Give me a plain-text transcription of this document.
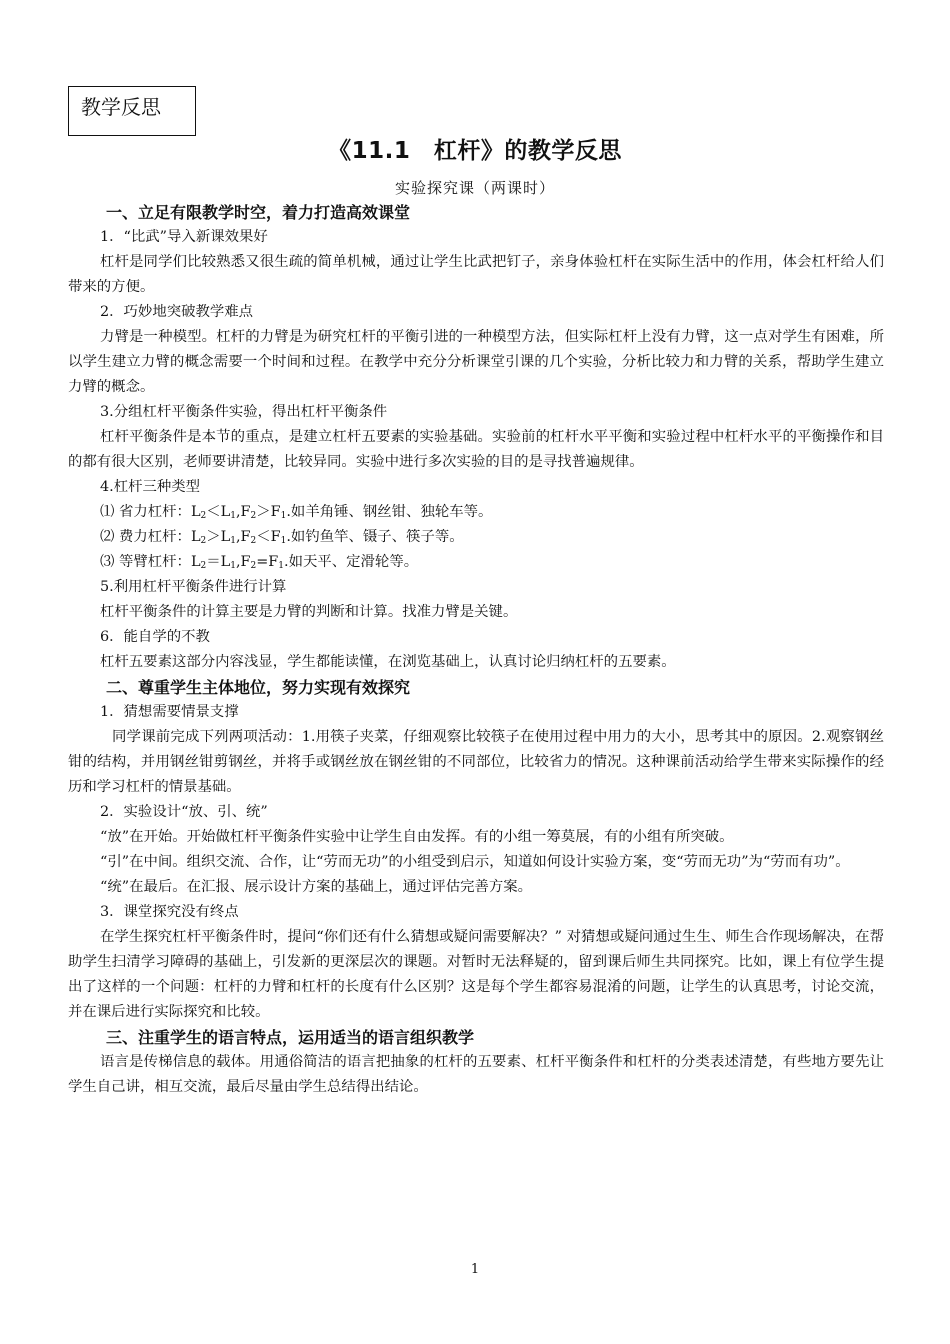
教学反思
《11.1　杠杆》的教学反思
实验探究课（两课时）

一、立足有限教学时空，着力打造高效课堂

1．“比武”导入新课效果好

杠杆是同学们比较熟悉又很生疏的简单机械，通过让学生比武把钉子，亲身体验杠杆在实际生活中的作用，体会杠杆给人们带来的方便。

2．巧妙地突破教学难点

力臂是一种模型。杠杆的力臂是为研究杠杆的平衡引进的一种模型方法，但实际杠杆上没有力臂，这一点对学生有困难，所以学生建立力臂的概念需要一个时间和过程。在教学中充分分析课堂引课的几个实验，分析比较力和力臂的关系，帮助学生建立力臂的概念。

3.分组杠杆平衡条件实验，得出杠杆平衡条件

杠杆平衡条件是本节的重点，是建立杠杆五要素的实验基础。实验前的杠杆水平平衡和实验过程中杠杆水平的平衡操作和目的都有很大区别，老师要讲清楚，比较异同。实验中进行多次实验的目的是寻找普遍规律。

4.杠杆三种类型

⑴ 省力杠杆：$L_2<L_1,F_2>F_1$.如羊角锤、钢丝钳、独轮车等。

⑵ 费力杠杆：$L_2>L_1,F_2<F_1$.如钓鱼竿、镊子、筷子等。

⑶ 等臂杠杆：$L_2=L_1,F_2=F_1$.如天平、定滑轮等。

5.利用杠杆平衡条件进行计算

杠杆平衡条件的计算主要是力臂的判断和计算。找准力臂是关键。

6．能自学的不教

杠杆五要素这部分内容浅显，学生都能读懂，在浏览基础上，认真讨论归纳杠杆的五要素。

二、尊重学生主体地位，努力实现有效探究

1．猜想需要情景支撑

同学课前完成下列两项活动：1.用筷子夹菜，仔细观察比较筷子在使用过程中用力的大小，思考其中的原因。2.观察钢丝钳的结构，并用钢丝钳剪钢丝，并将手或钢丝放在钢丝钳的不同部位，比较省力的情况。这种课前活动给学生带来实际操作的经历和学习杠杆的情景基础。

2．实验设计“放、引、统”

“放”在开始。开始做杠杆平衡条件实验中让学生自由发挥。有的小组一筹莫展，有的小组有所突破。

“引”在中间。组织交流、合作，让“劳而无功”的小组受到启示，知道如何设计实验方案，变“劳而无功”为“劳而有功”。

“统”在最后。在汇报、展示设计方案的基础上，通过评估完善方案。

3．课堂探究没有终点

在学生探究杠杆平衡条件时，提问“你们还有什么猜想或疑问需要解决？” 对猜想或疑问通过生生、师生合作现场解决，在帮助学生扫清学习障碍的基础上，引发新的更深层次的课题。对暂时无法释疑的，留到课后师生共同探究。比如，课上有位学生提出了这样的一个问题：杠杆的力臂和杠杆的长度有什么区别？这是每个学生都容易混淆的问题，让学生的认真思考，讨论交流，并在课后进行实际探究和比较。

三、注重学生的语言特点，运用适当的语言组织教学

语言是传梯信息的载体。用通俗简洁的语言把抽象的杠杆的五要素、杠杆平衡条件和杠杆的分类表述清楚，有些地方要先让学生自己讲，相互交流，最后尽量由学生总结得出结论。

1
